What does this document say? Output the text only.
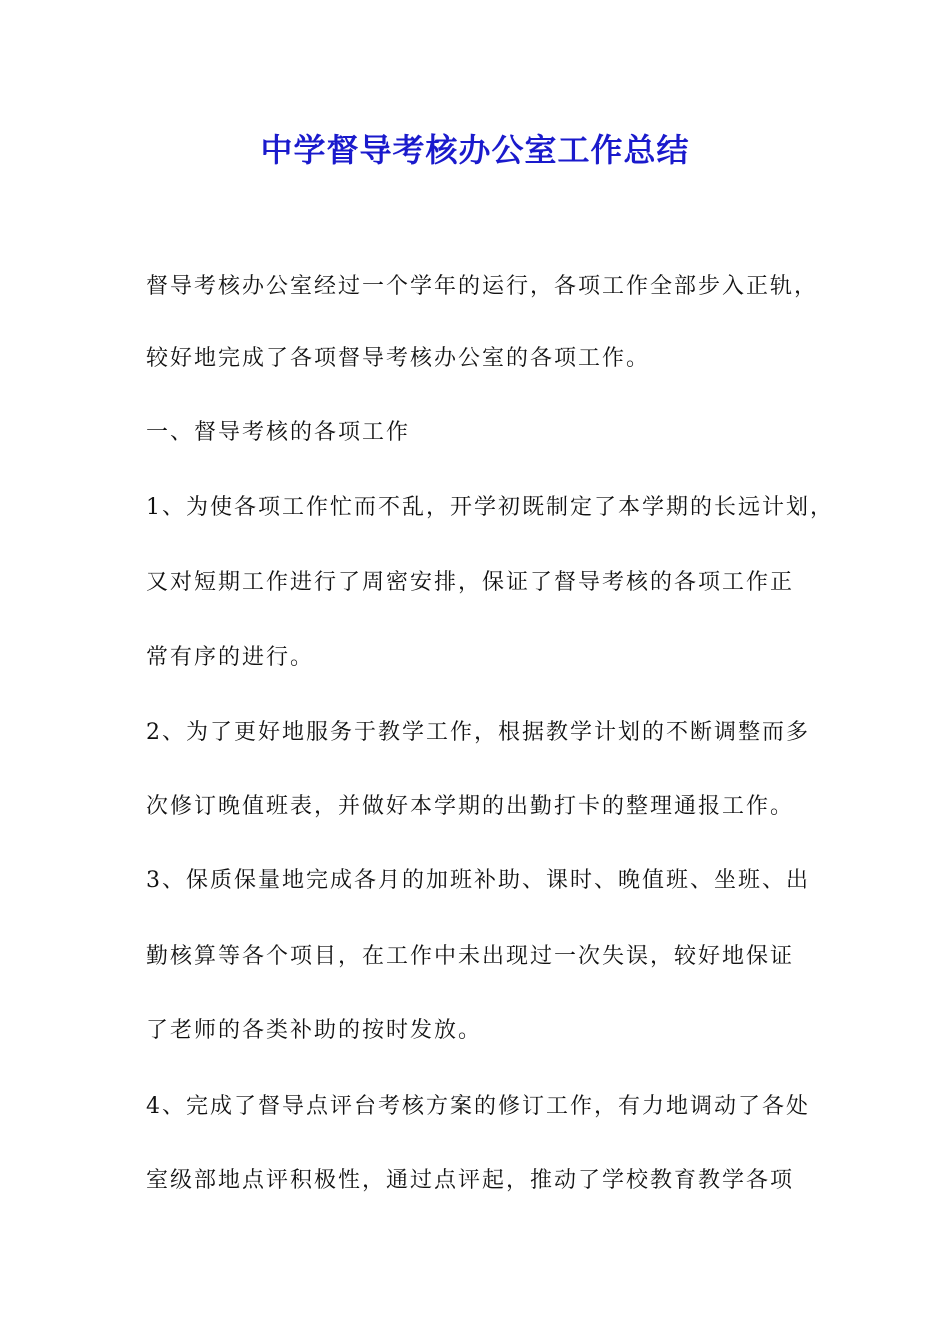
中学督导考核办公室工作总结
督导考核办公室经过一个学年的运行，各项工作全部步入正轨，
较好地完成了各项督导考核办公室的各项工作。
一、督导考核的各项工作
1、为使各项工作忙而不乱，开学初既制定了本学期的长远计划，
又对短期工作进行了周密安排，保证了督导考核的各项工作正
常有序的进行。
2、为了更好地服务于教学工作，根据教学计划的不断调整而多
次修订晚值班表，并做好本学期的出勤打卡的整理通报工作。
3、保质保量地完成各月的加班补助、课时、晚值班、坐班、出
勤核算等各个项目，在工作中未出现过一次失误，较好地保证
了老师的各类补助的按时发放。
4、完成了督导点评台考核方案的修订工作，有力地调动了各处
室级部地点评积极性，通过点评起，推动了学校教育教学各项
